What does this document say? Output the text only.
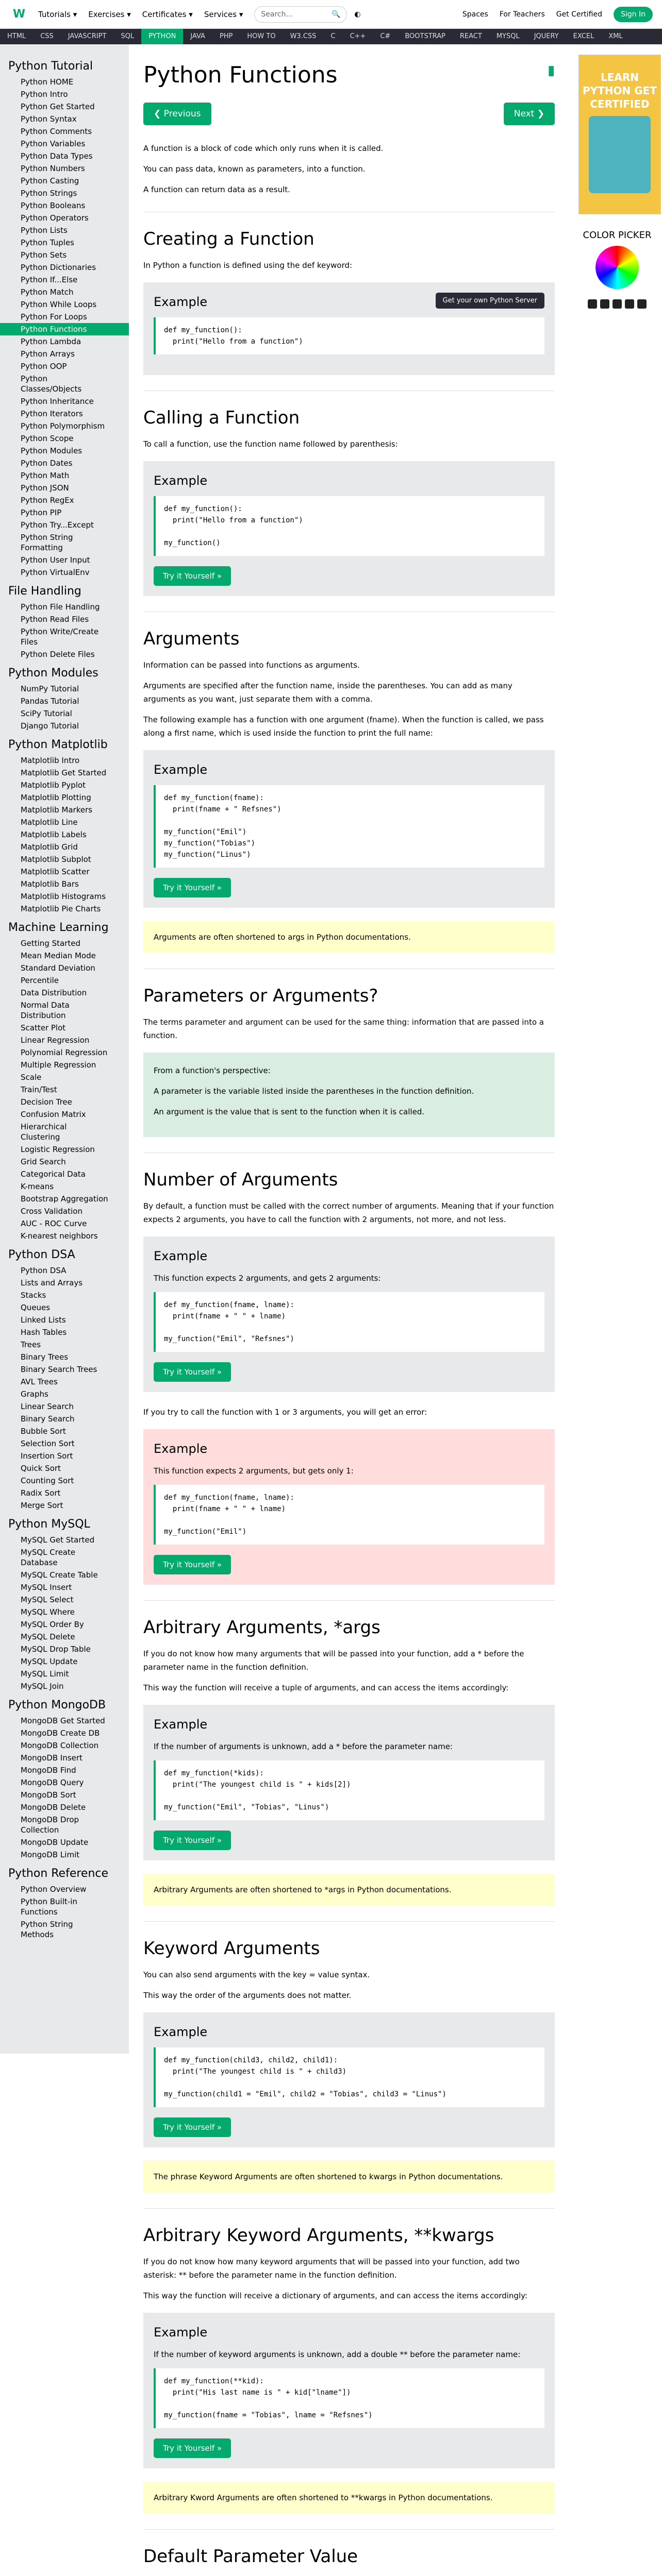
W	Tutorials ▾ Exercises ▾ Certificates ▾ Services ▾	Search...	🔍 ◐	Spaces For Teachers Get Certified	Sign In
HTML	CSS	JAVASCRIPT	SQL	PYTHON	JAVA	PHP	HOW TO	W3.CSS	C	C++	C#	BOOTSTRAP	REACT	MYSQL	JQUERY	EXCEL	XML
Python Tutorial
Python HOME
Python Intro
Python Get Started
Python Syntax
Python Comments
Python Variables
Python Data Types
Python Numbers
Python Casting
Python Strings
Python Booleans
Python Operators
Python Lists
Python Tuples
Python Sets
Python Dictionaries
Python If...Else
Python Match
Python While Loops
Python For Loops
Python Functions
Python Lambda
Python Arrays
Python OOP
Python Classes/Objects
Python Inheritance
Python Iterators
Python Polymorphism
Python Scope
Python Modules
Python Dates
Python Math
Python JSON
Python RegEx
Python PIP
Python Try...Except
Python String Formatting
Python User Input
Python VirtualEnv
File Handling
Python File Handling
Python Read Files
Python Write/Create Files
Python Delete Files
Python Modules
NumPy Tutorial
Pandas Tutorial
SciPy Tutorial
Django Tutorial
Python Matplotlib
Matplotlib Intro
Matplotlib Get Started
Matplotlib Pyplot
Matplotlib Plotting
Matplotlib Markers
Matplotlib Line
Matplotlib Labels
Matplotlib Grid
Matplotlib Subplot
Matplotlib Scatter
Matplotlib Bars
Matplotlib Histograms
Matplotlib Pie Charts
Machine Learning
Getting Started
Mean Median Mode
Standard Deviation
Percentile
Data Distribution
Normal Data Distribution
Scatter Plot
Linear Regression
Polynomial Regression
Multiple Regression
Scale
Train/Test
Decision Tree
Confusion Matrix
Hierarchical Clustering
Logistic Regression
Grid Search
Categorical Data
K-means
Bootstrap Aggregation
Cross Validation
AUC - ROC Curve
K-nearest neighbors
Python DSA
Python DSA
Lists and Arrays
Stacks
Queues
Linked Lists
Hash Tables
Trees
Binary Trees
Binary Search Trees
AVL Trees
Graphs
Linear Search
Binary Search
Bubble Sort
Selection Sort
Insertion Sort
Quick Sort
Counting Sort
Radix Sort
Merge Sort
Python MySQL
MySQL Get Started
MySQL Create Database
MySQL Create Table
MySQL Insert
MySQL Select
MySQL Where
MySQL Order By
MySQL Delete
MySQL Drop Table
MySQL Update
MySQL Limit
MySQL Join
Python MongoDB
MongoDB Get Started
MongoDB Create DB
MongoDB Collection
MongoDB Insert
MongoDB Find
MongoDB Query
MongoDB Sort
MongoDB Delete
MongoDB Drop Collection
MongoDB Update
MongoDB Limit
Python Reference
Python Overview
Python Built-in Functions
Python String Methods
▮
Python Functions
❮ Previous	Next ❯

A function is a block of code which only runs when it is called.

You can pass data, known as parameters, into a function.

A function can return data as a result.

Creating a Function

In Python a function is defined using the def keyword:

Example	Get your own Python Server
def my_function():
print("Hello from a function")
Calling a Function

To call a function, use the function name followed by parenthesis:

Example
def my_function():
print("Hello from a function")

my_function()
Try it Yourself »
Arguments

Information can be passed into functions as arguments.

Arguments are specified after the function name, inside the parentheses. You can add as many arguments as you want, just separate them with a comma.

The following example has a function with one argument (fname). When the function is called, we pass along a first name, which is used inside the function to print the full name:

Example
def my_function(fname):
print(fname + " Refsnes")

my_function("Emil")
my_function("Tobias")
my_function("Linus")
Try it Yourself »
Arguments are often shortened to args in Python documentations.
Parameters or Arguments?

The terms parameter and argument can be used for the same thing: information that are passed into a function.

From a function's perspective:

A parameter is the variable listed inside the parentheses in the function definition.

An argument is the value that is sent to the function when it is called.

Number of Arguments

By default, a function must be called with the correct number of arguments. Meaning that if your function expects 2 arguments, you have to call the function with 2 arguments, not more, and not less.

Example

This function expects 2 arguments, and gets 2 arguments:

def my_function(fname, lname):
print(fname + " " + lname)

my_function("Emil", "Refsnes")
Try it Yourself »

If you try to call the function with 1 or 3 arguments, you will get an error:

Example

This function expects 2 arguments, but gets only 1:

def my_function(fname, lname):
print(fname + " " + lname)

my_function("Emil")
Try it Yourself »
Arbitrary Arguments, *args

If you do not know how many arguments that will be passed into your function, add a * before the parameter name in the function definition.

This way the function will receive a tuple of arguments, and can access the items accordingly:

Example

If the number of arguments is unknown, add a * before the parameter name:

def my_function(*kids):
print("The youngest child is " + kids[2])

my_function("Emil", "Tobias", "Linus")
Try it Yourself »
Arbitrary Arguments are often shortened to *args in Python documentations.
Keyword Arguments

You can also send arguments with the key = value syntax.

This way the order of the arguments does not matter.

Example
def my_function(child3, child2, child1):
print("The youngest child is " + child3)

my_function(child1 = "Emil", child2 = "Tobias", child3 = "Linus")
Try it Yourself »
The phrase Keyword Arguments are often shortened to kwargs in Python documentations.
Arbitrary Keyword Arguments, **kwargs

If you do not know how many keyword arguments that will be passed into your function, add two asterisk: ** before the parameter name in the function definition.

This way the function will receive a dictionary of arguments, and can access the items accordingly:

Example

If the number of keyword arguments is unknown, add a double ** before the parameter name:

def my_function(**kid):
print("His last name is " + kid["lname"])

my_function(fname = "Tobias", lname = "Refsnes")
Try it Yourself »
Arbitrary Kword Arguments are often shortened to **kwargs in Python documentations.
Default Parameter Value

LEARN PYTHON GET CERTIFIED
COLOR PICKER
